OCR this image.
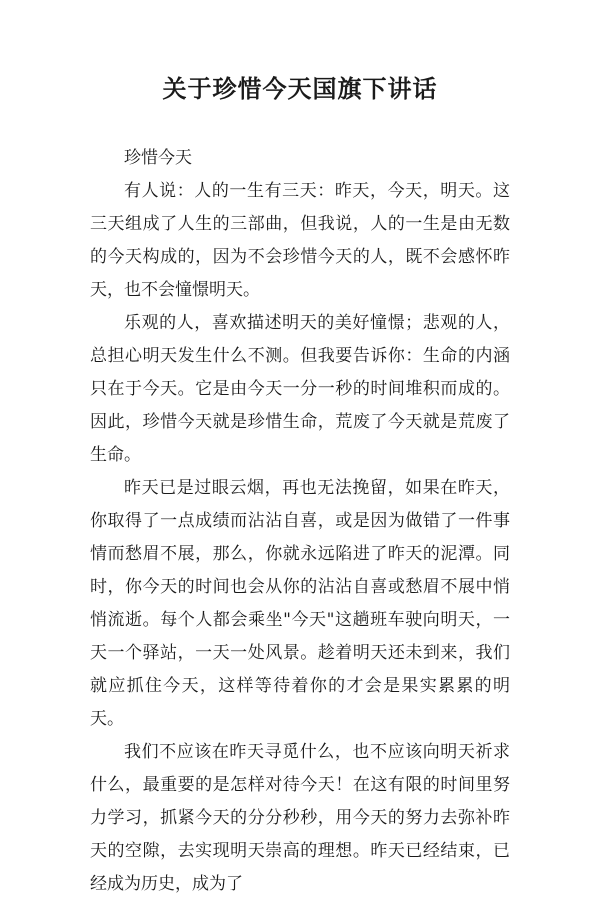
关于珍惜今天国旗下讲话

珍惜今天

有人说：人的一生有三天：昨天，今天，明天。这三天组成了人生的三部曲，但我说，人的一生是由无数的今天构成的，因为不会珍惜今天的人，既不会感怀昨天，也不会憧憬明天。

乐观的人，喜欢描述明天的美好憧憬；悲观的人，总担心明天发生什么不测。但我要告诉你：生命的内涵只在于今天。它是由今天一分一秒的时间堆积而成的。因此，珍惜今天就是珍惜生命，荒废了今天就是荒废了生命。

昨天已是过眼云烟，再也无法挽留，如果在昨天，你取得了一点成绩而沾沾自喜，或是因为做错了一件事情而愁眉不展，那么，你就永远陷进了昨天的泥潭。同时，你今天的时间也会从你的沾沾自喜或愁眉不展中悄悄流逝。每个人都会乘坐"今天"这趟班车驶向明天，一天一个驿站，一天一处风景。趁着明天还未到来，我们就应抓住今天，这样等待着你的才会是果实累累的明天。

我们不应该在昨天寻觅什么，也不应该向明天祈求什么，最重要的是怎样对待今天！在这有限的时间里努力学习，抓紧今天的分分秒秒，用今天的努力去弥补昨天的空隙，去实现明天崇高的理想。昨天已经结束，已经成为历史，成为了
